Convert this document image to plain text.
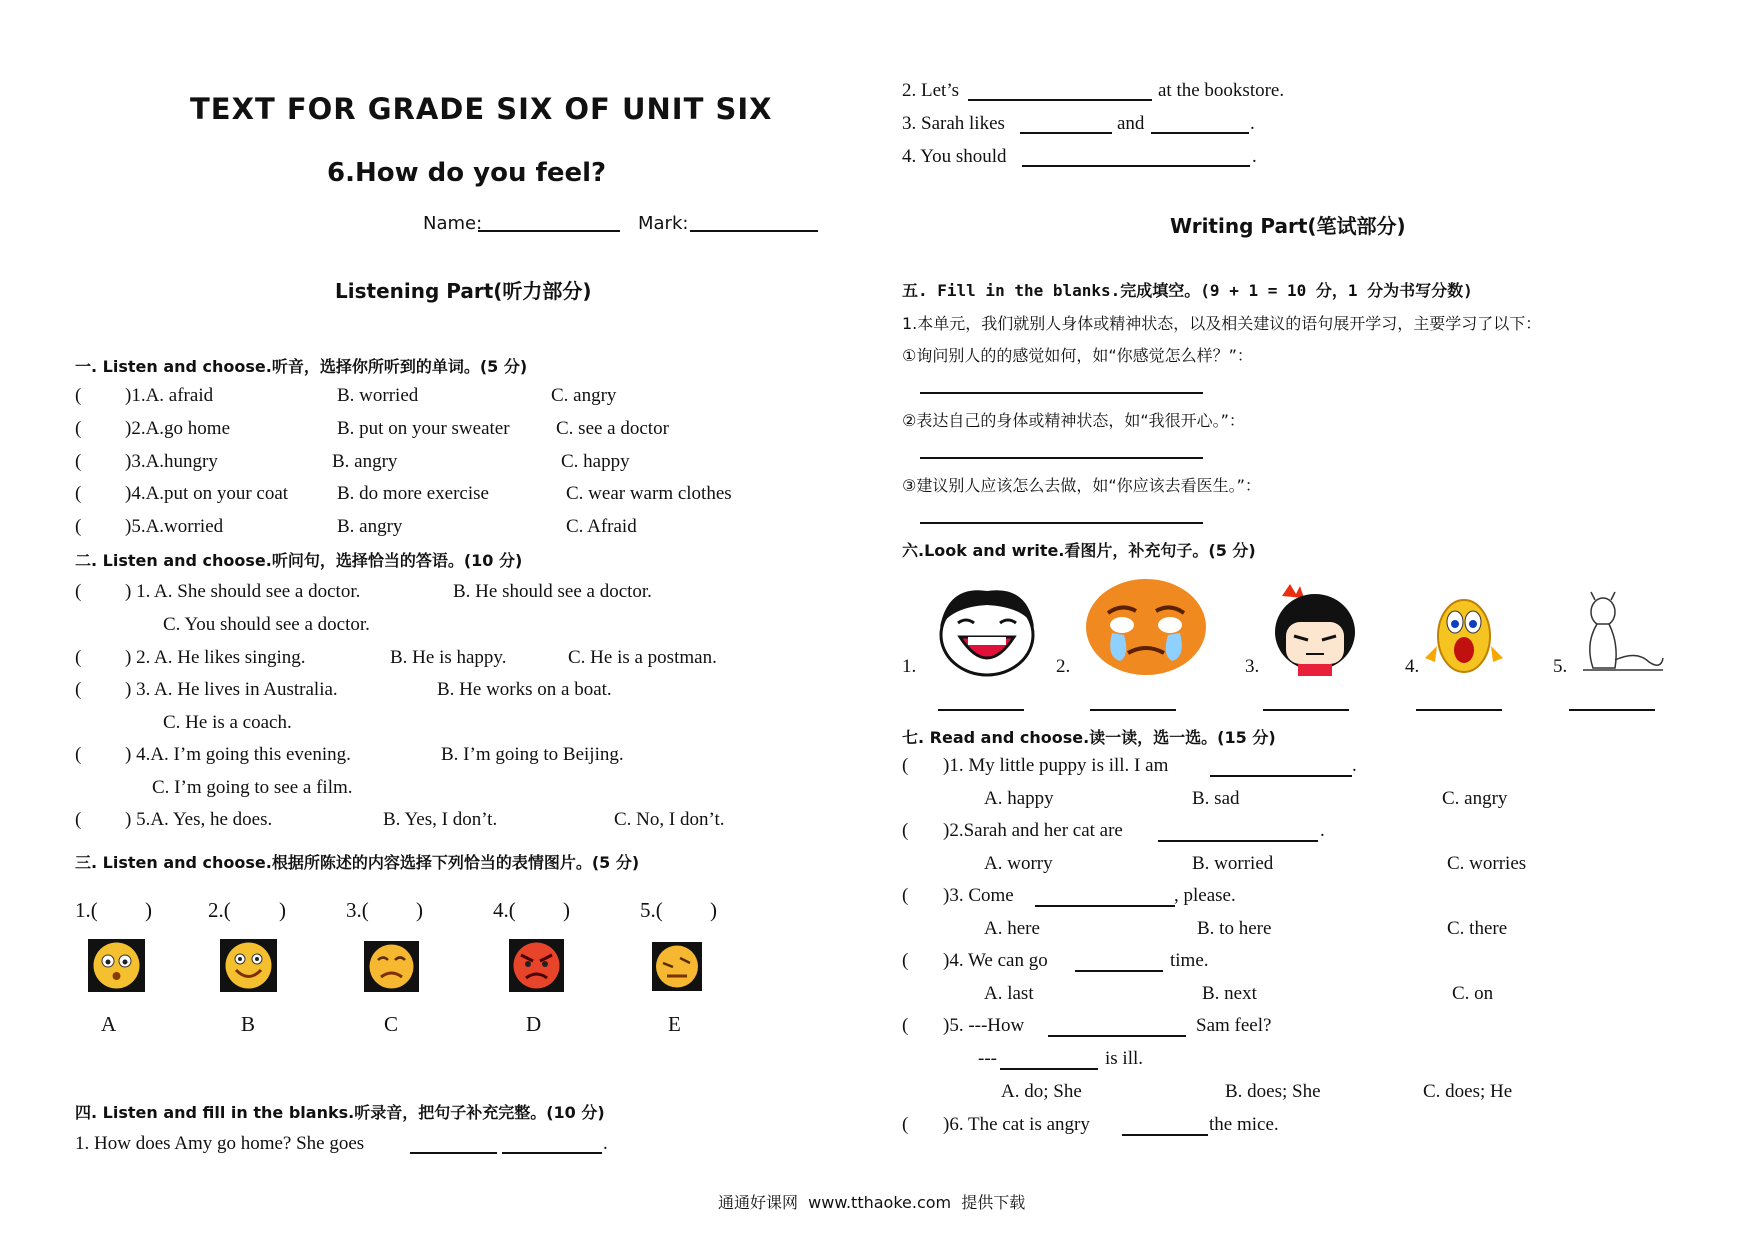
TEXT FOR GRADE SIX OF UNIT SIX
6.How do you feel?
Name:	Mark:
Listening Part(听力部分)
一. Listen and choose.听音，选择你所听到的单词。(5 分)
( )1.A. afraid	B. worried	C. angry
( )2.A.go home	B. put on your sweater C. see a doctor
( )3.A.hungry	B. angry	C. happy
( )4.A.put on your coat	B. do more exercise	C. wear warm clothes
( )5.A.worried	B. angry	C. Afraid
二. Listen and choose.听问句，选择恰当的答语。(10 分)
( ) 1. A. She should see a doctor.	B. He should see a doctor.
C. You should see a doctor.
( ) 2. A. He likes singing.	B. He is happy.	C. He is a postman.
( ) 3. A. He lives in Australia.	B. He works on a boat.
C. He is a coach.
( ) 4.A. I’m going this evening.	B. I’m going to Beijing.
C. I’m going to see a film.
( ) 5.A. Yes, he does.	B. Yes, I don’t.	C. No, I don’t.
三. Listen and choose.根据所陈述的内容选择下列恰当的表情图片。(5 分)
1.( )	2.( )	3.( )	4.( )	5.( )
A	B	C	D	E
四. Listen and fill in the blanks.听录音，把句子补充完整。(10 分)
1. How does Amy go home? She goes	.
2. Let’s	at the bookstore.
3. Sarah likes	and	.
4. You should	.
Writing Part(笔试部分)
五. Fill in the blanks.完成填空。(9 + 1 = 10 分，1 分为书写分数)
1.本单元，我们就别人身体或精神状态，以及相关建议的语句展开学习，主要学习了以下：
①询问别人的的感觉如何，如“你感觉怎么样？”：
②表达自己的身体或精神状态，如“我很开心。”：
③建议别人应该怎么去做，如“你应该去看医生。”：
六.Look and write.看图片，补充句子。(5 分)
1.	2.	3.	4.	5.
七. Read and choose.读一读，选一选。(15 分)
( )1. My little puppy is ill. I am	.
A. happy	B. sad	C. angry
( )2.Sarah and her cat are	.
A. worry	B. worried	C. worries
( )3. Come	, please.
A. here	B. to here	C. there
( )4. We can go	time.
A. last	B. next	C. on
( )5. ---How	Sam feel?
---	is ill.
A. do; She	B. does; She	C. does; He
( )6. The cat is angry	the mice.
通通好课网  www.tthaoke.com  提供下载
